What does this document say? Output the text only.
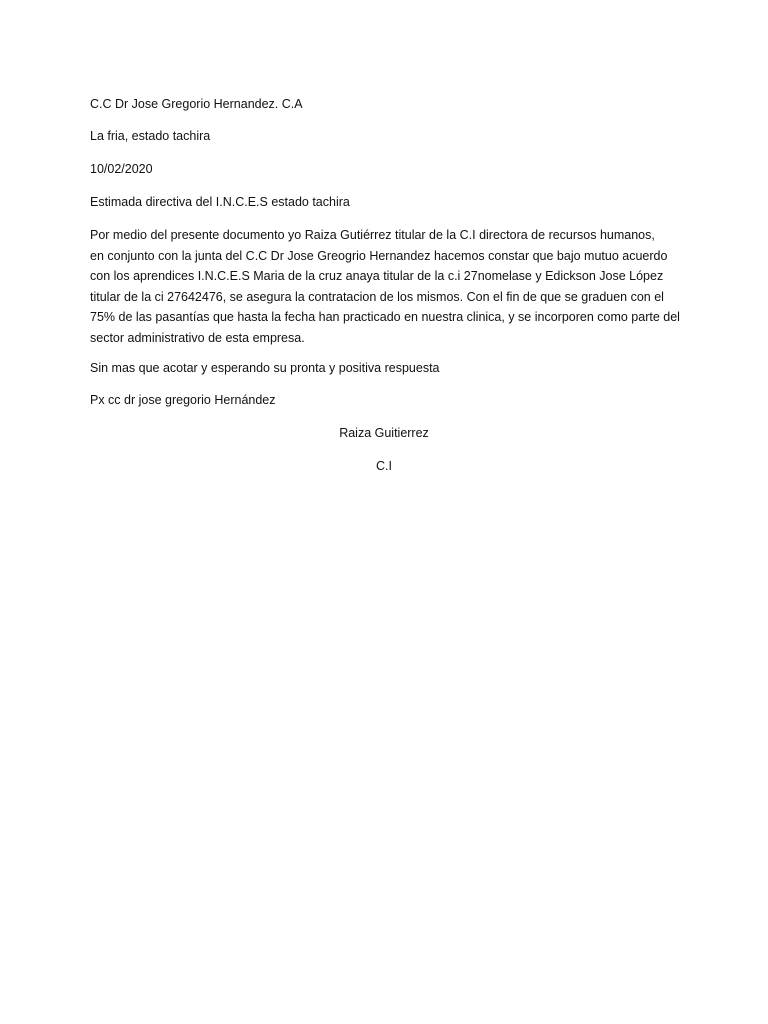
C.C Dr Jose Gregorio Hernandez. C.A
La fria, estado tachira
10/02/2020
Estimada directiva del I.N.C.E.S estado tachira
Por medio del presente documento yo Raiza Gutiérrez titular de la C.I directora de recursos humanos,
en conjunto con la junta del C.C Dr Jose Greogrio Hernandez hacemos constar que bajo mutuo acuerdo
con los aprendices I.N.C.E.S Maria de la cruz anaya titular de la c.i 27nomelase y Edickson Jose López
titular de la ci 27642476, se asegura la contratacion de los mismos. Con el fin de que se graduen con el
75% de las pasantías que hasta la fecha han practicado en nuestra clinica, y se incorporen como parte del
sector administrativo de esta empresa.
Sin mas que acotar y esperando su pronta y positiva respuesta
Px cc dr jose gregorio Hernández
Raiza Guitierrez
C.I
